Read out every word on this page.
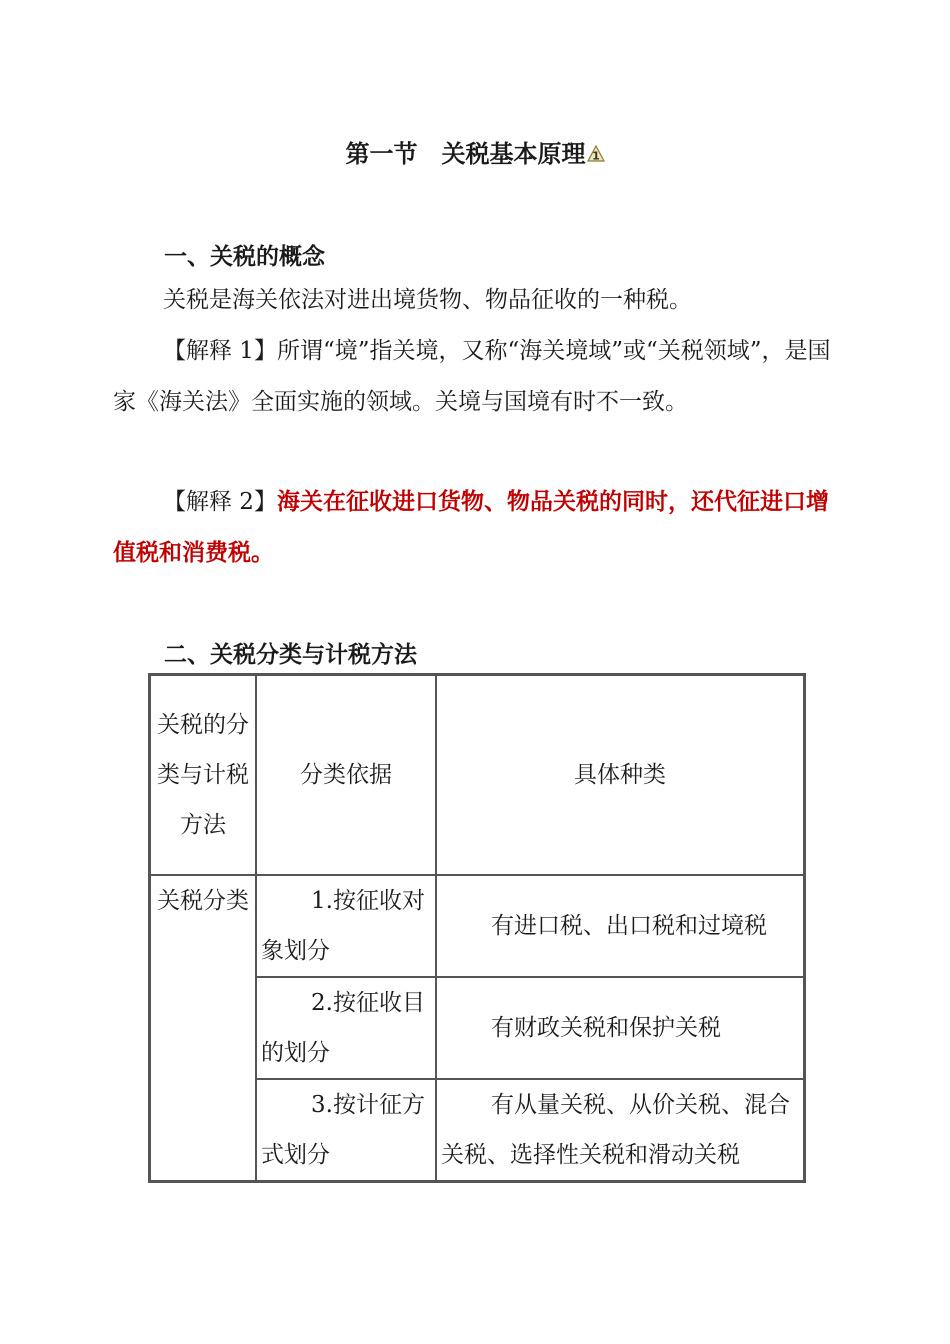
第一节 关税基本原理 1
一、关税的概念

关税是海关依法对进出境货物、物品征收的一种税。

【解释 1】所谓“境”指关境，又称“海关境域”或“关税领域”，是国家《海关法》全面实施的领域。关境与国境有时不一致。

【解释 2】海关在征收进口货物、物品关税的同时，还代征进口增值税和消费税。

二、关税分类与计税方法
关税的分类与计税方法	分类依据	具体种类
关税分类	1.按征收对象划分	有进口税、出口税和过境税
	2.按征收目的划分	有财政关税和保护关税
	3.按计征方式划分	有从量关税、从价关税、混合关税、选择性关税和滑动关税
